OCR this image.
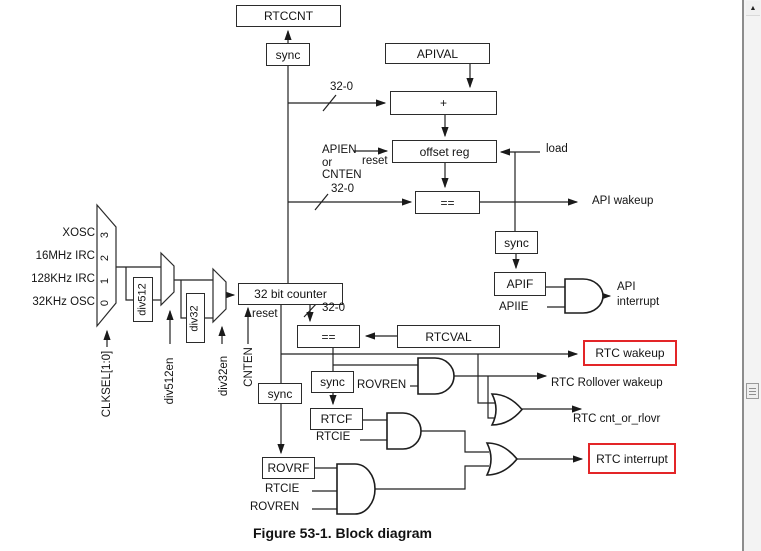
RTCCNT
sync	APIVAL
+
offset reg
==
sync
APIF
32 bit counter
==	RTCVAL
sync
RTCF
sync
ROVRF
div512
div32
RTC wakeup
RTC interrupt
32-0
32-0
APIEN
or
CNTEN
reset
load
API wakeup
APIIE
API
interrupt
32-0
reset
ROVREN
RTCIE
RTCIE
ROVREN
RTC Rollover wakeup
RTC cnt_or_rlovr
XOSC
16MHz IRC
128KHz IRC
32KHz OSC
3
2
1
0
CLKSEL[1:0]	div512en	div32en CNTEN
Figure 53-1. Block diagram
▲
